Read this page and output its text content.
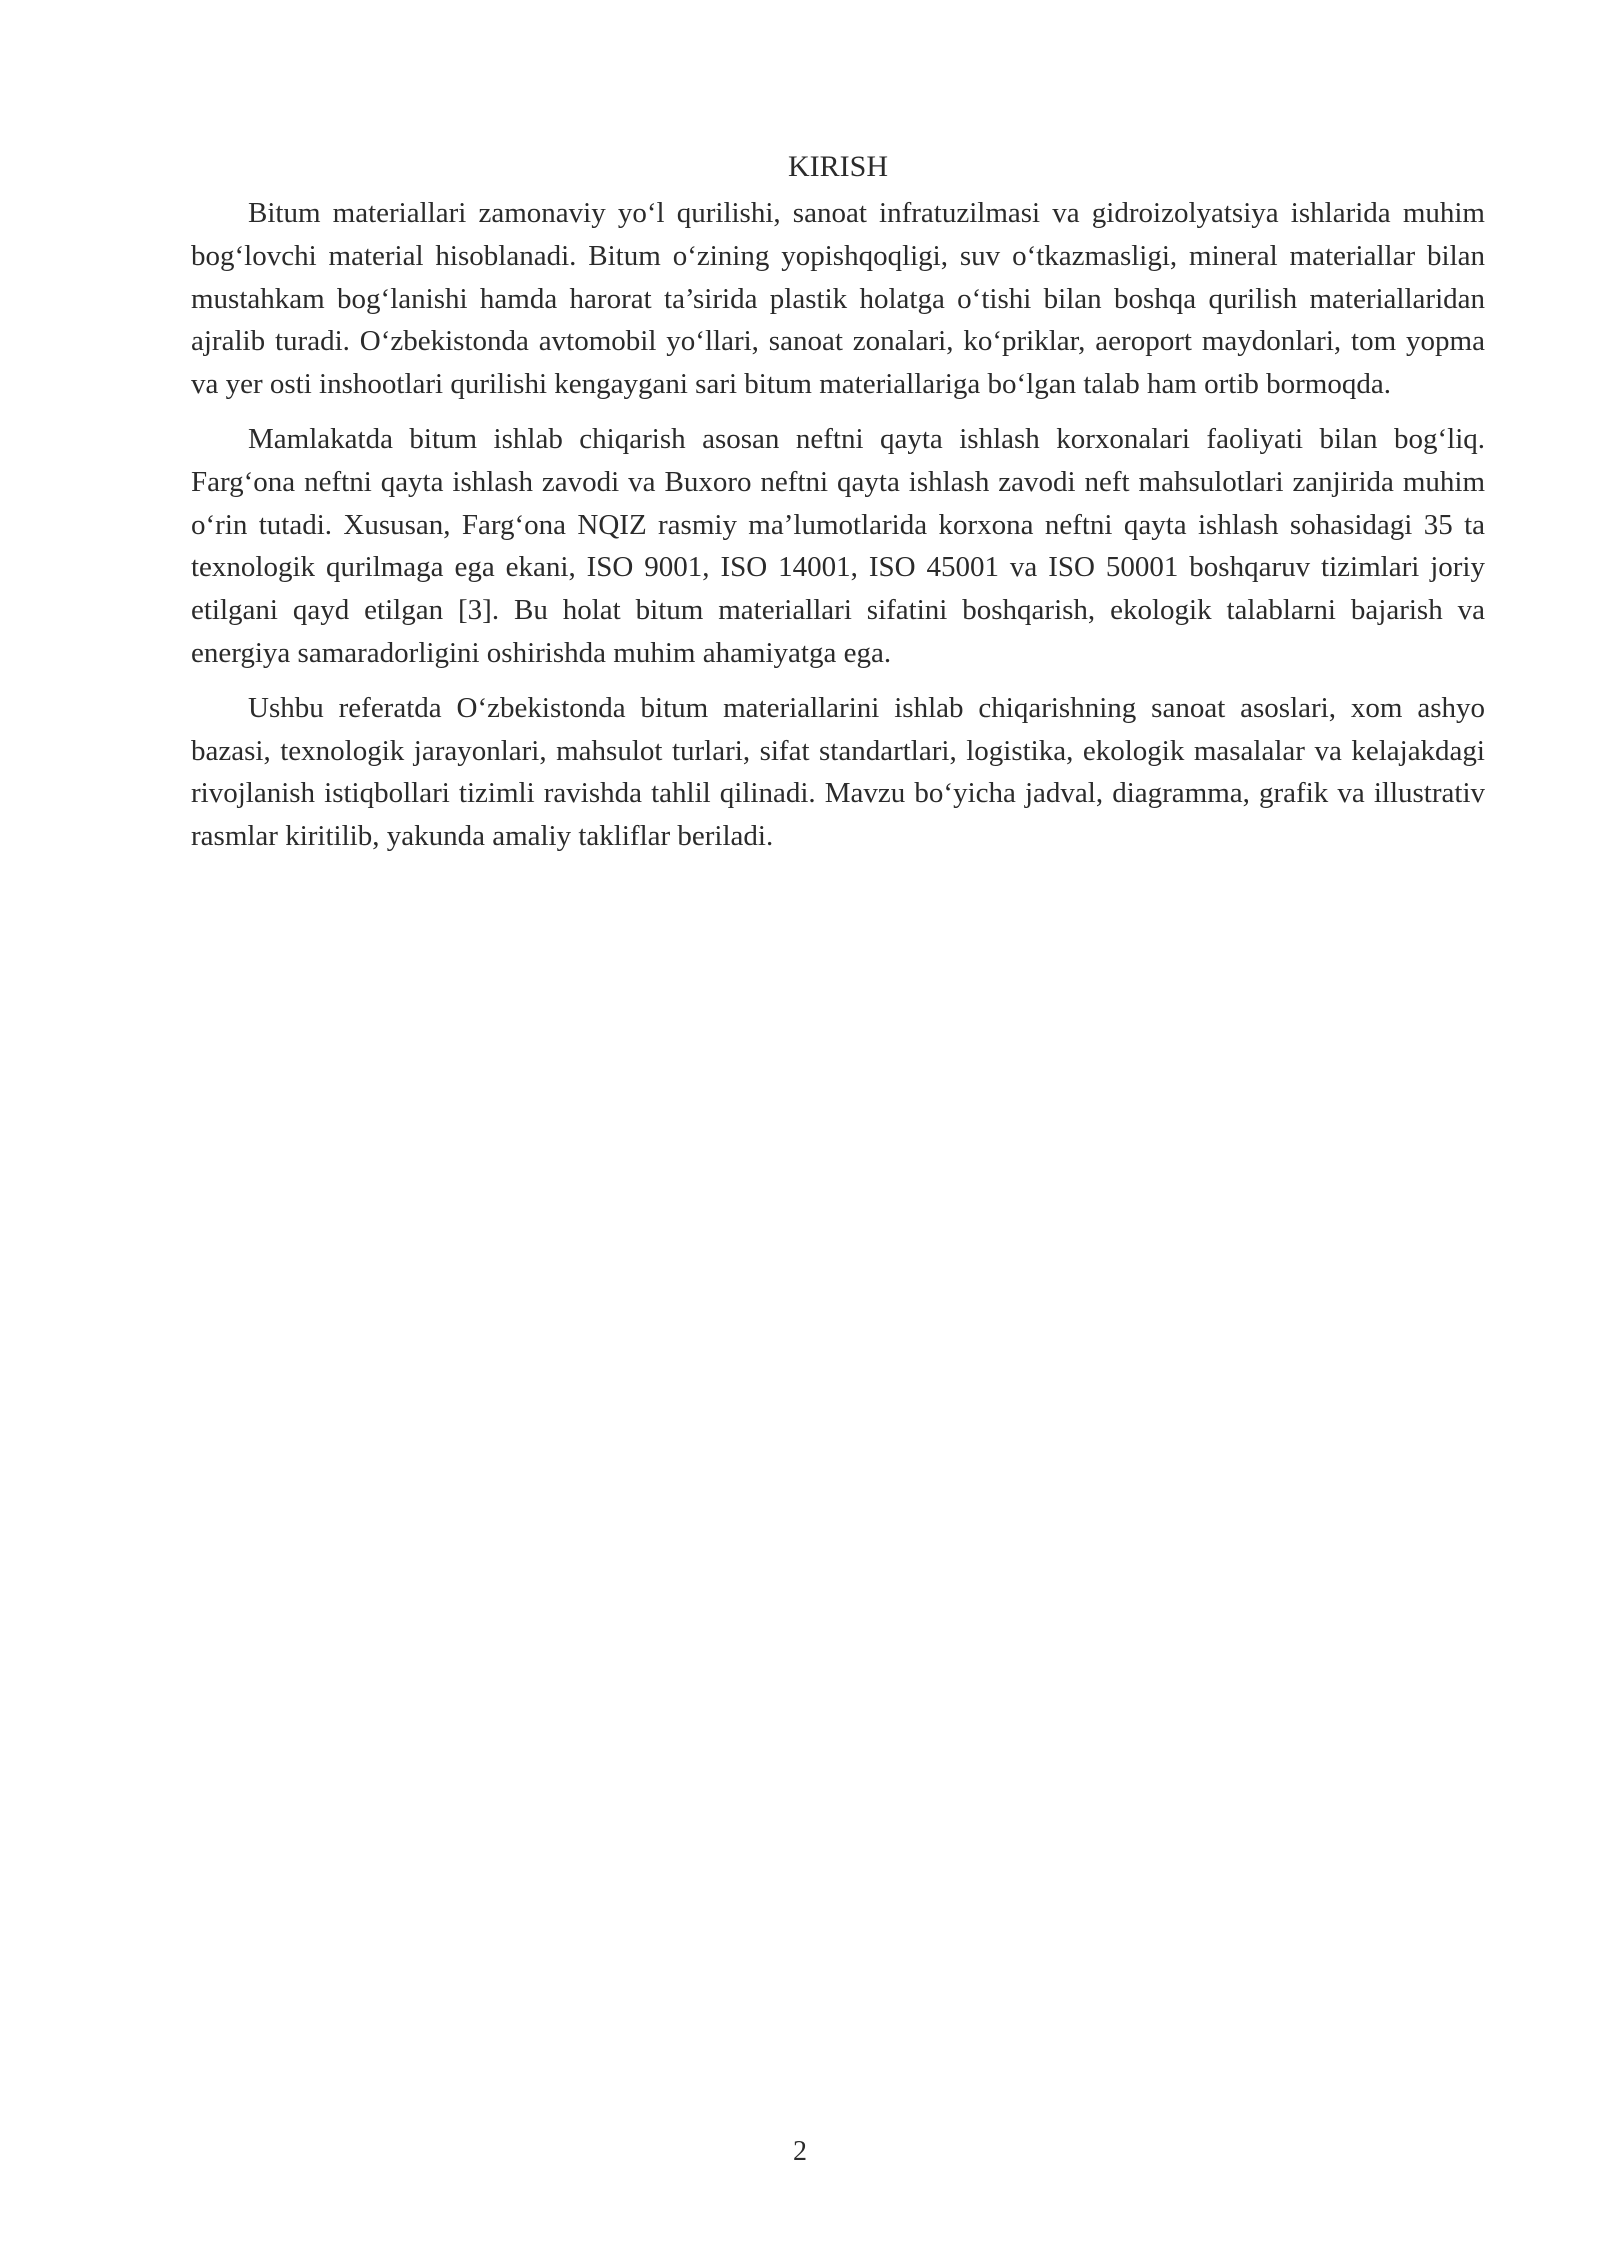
KIRISH

Bitum materiallari zamonaviy yo‘l qurilishi, sanoat infratuzilmasi va gidroizolyatsiya ishlarida muhim bog‘lovchi material hisoblanadi. Bitum o‘zining yopishqoqligi, suv o‘tkazmasligi, mineral materiallar bilan mustahkam bog‘lanishi hamda harorat ta’sirida plastik holatga o‘tishi bilan boshqa qurilish materiallaridan ajralib turadi. O‘zbekistonda avtomobil yo‘llari, sanoat zonalari, ko‘priklar, aeroport maydonlari, tom yopma va yer osti inshootlari qurilishi kengaygani sari bitum materiallariga bo‘lgan talab ham ortib bormoqda.

Mamlakatda bitum ishlab chiqarish asosan neftni qayta ishlash korxonalari faoliyati bilan bog‘liq. Farg‘ona neftni qayta ishlash zavodi va Buxoro neftni qayta ishlash zavodi neft mahsulotlari zanjirida muhim o‘rin tutadi. Xususan, Farg‘ona NQIZ rasmiy ma’lumotlarida korxona neftni qayta ishlash sohasidagi 35 ta texnologik qurilmaga ega ekani, ISO 9001, ISO 14001, ISO 45001 va ISO 50001 boshqaruv tizimlari joriy etilgani qayd etilgan [3]. Bu holat bitum materiallari sifatini boshqarish, ekologik talablarni bajarish va energiya samaradorligini oshirishda muhim ahamiyatga ega.

Ushbu referatda O‘zbekistonda bitum materiallarini ishlab chiqarishning sanoat asoslari, xom ashyo bazasi, texnologik jarayonlari, mahsulot turlari, sifat standartlari, logistika, ekologik masalalar va kelajakdagi rivojlanish istiqbollari tizimli ravishda tahlil qilinadi. Mavzu bo‘yicha jadval, diagramma, grafik va illustrativ rasmlar kiritilib, yakunda amaliy takliflar beriladi.

2
